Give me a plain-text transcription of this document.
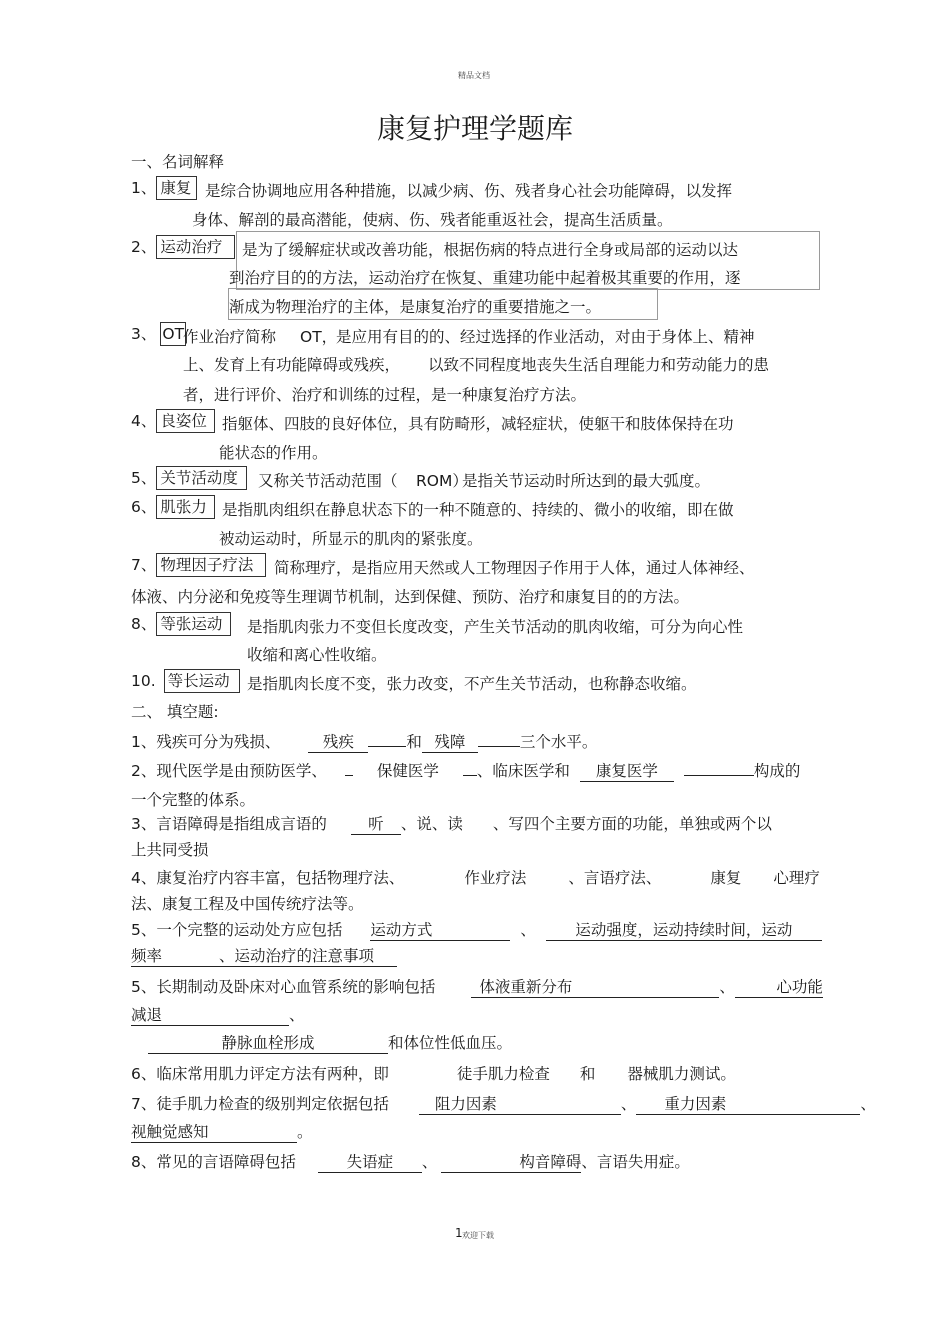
精品文档
1 欢迎下载
康复护理学题库
一、名词解释
1、 康复 是综合协调地应用各种措施，以减少病、伤、残者身心社会功能障碍，以发挥
身体、解剖的最高潜能，使病、伤、残者能重返社会，提高生活质量。
2、 运动治疗	是为了缓解症状或改善功能，根据伤病的特点进行全身或局部的运动以达
到治疗目的的方法，运动治疗在恢复、重建功能中起着极其重要的作用，逐
渐成为物理治疗的主体，是康复治疗的重要措施之一。
3、 OT
作业治疗简称 OT，
是应用有目的的、经过选择的作业活动，对由于身体上、精神
上、发育上有功能障碍或残疾， 以致不同程度地丧失生活自理能力和劳动能力的患
者，进行评价、治疗和训练的过程，是一种康复治疗方法。
4、 良姿位 指躯体、四肢的良好体位，具有防畸形，减轻症状，使躯干和肢体保持在功
能状态的作用。
5、 关节活动度	又称关节活动范围（ ROM）
是指关节运动时所达到的最大弧度。
6、 肌张力 是指肌肉组织在静息状态下的一种不随意的、持续的、微小的收缩，即在做
被动运动时，所显示的肌肉的紧张度。
7、 物理因子疗法	简称理疗，是指应用天然或人工物理因子作用于人体，通过人体神经、
体液、内分泌和免疫等生理调节机制，达到保健、预防、治疗和康复目的的方法。
8、 等张运动	是指肌肉张力不变但长度改变，产生关节活动的肌肉收缩，可分为向心性
收缩和离心性收缩。
10. 等长运动	是指肌肉长度不变，张力改变，不产生关节活动，也称静态收缩。
二、 填空题:
1、残疾可分为残损、	残疾	和 残障	三个水平。
2、现代医学是由预防医学、	保健医学 、临床医学和 康复医学	构成的
一个完整的体系。
3、言语障碍是指组成言语的	听 、说、读 、写四个主要方面的功能，单独或两个以
上共同受损
4、康复治疗内容丰富，包括物理疗法、	作业疗法	、言语疗法、	康复 心理疗
法、康复工程及中国传统疗法等。
5、一个完整的运动处方应包括 运动方式	、	运动强度，运动持续时间，运动
频率	、运动治疗的注意事项
5、长期制动及卧床对心血管系统的影响包括	体液重新分布	、	心功能
减退	、
静脉血栓形成	和体位性低血压。
6、临床常用肌力评定方法有两种，即	徒手肌力检查 和 器械肌力测试。
7、徒手肌力检查的级别判定依据包括	阻力因素	、 重力因素	、
视触觉感知	。
8、常见的言语障碍包括	失语症 、	构音障碍、言语失用症。
